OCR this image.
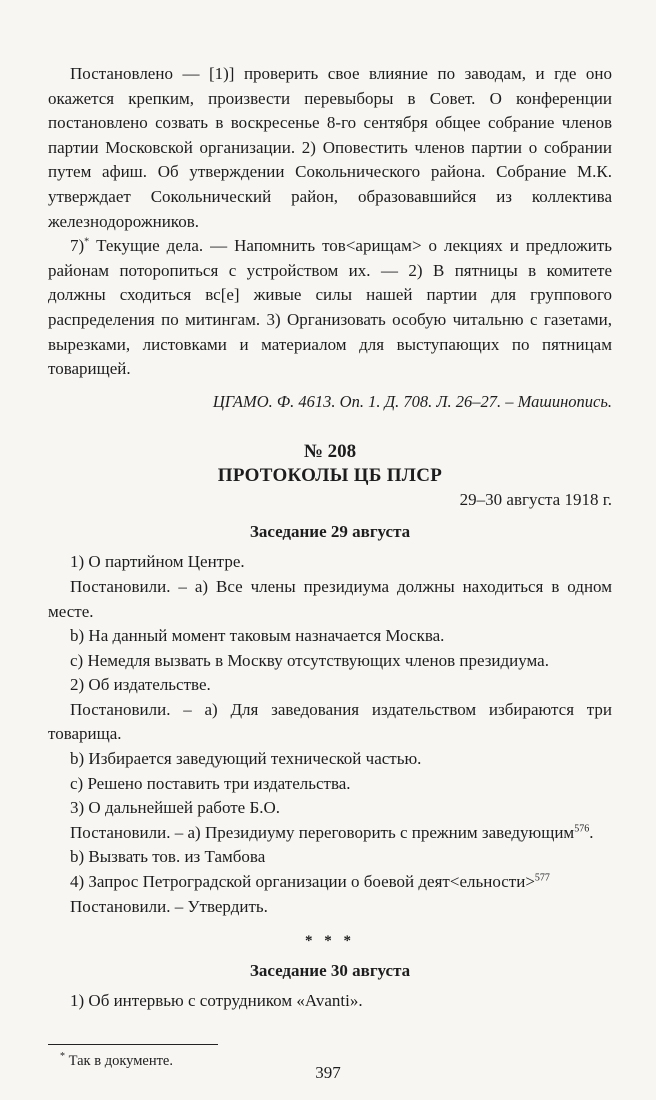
Постановлено — [1)] проверить свое влияние по заводам, и где оно окажется крепким, произвести перевыборы в Совет. О конференции постановлено созвать в воскресенье 8-го сентября общее собрание членов партии Московской организации. 2) Оповестить членов партии о собрании путем афиш. Об утверждении Сокольнического района. Собрание М.К. утверждает Сокольнический район, образовавшийся из коллектива железнодорожников.

7)* Текущие дела. — Напомнить тов<арищам> о лекциях и предложить районам поторопиться с устройством их. — 2) В пятницы в комитете должны сходиться вс[е] живые силы нашей партии для группового распределения по митингам. 3) Организовать особую читальню с газетами, вырезками, листовками и материалом для выступающих по пятницам товарищей.

ЦГАМО. Ф. 4613. Оп. 1. Д. 708. Л. 26–27. – Машинопись.

№ 208
ПРОТОКОЛЫ ЦБ ПЛСР
29–30 августа 1918 г.
Заседание 29 августа

1) О партийном Центре.

Постановили. – а) Все члены президиума должны находиться в одном месте.

b) На данный момент таковым назначается Москва.

с) Немедля вызвать в Москву отсутствующих членов президиума.

2) Об издательстве.

Постановили. – а) Для заведования издательством избираются три товарища.

b) Избирается заведующий технической частью.

с) Решено поставить три издательства.

3) О дальнейшей работе Б.О.

Постановили. – а) Президиуму переговорить с прежним заведующим$^{576}$.

b) Вызвать тов. из Тамбова

4) Запрос Петроградской организации о боевой деят<ельности>$^{577}$

Постановили. – Утвердить.

* * *
Заседание 30 августа

1) Об интервью с сотрудником «Avanti».

* Так в документе.
397
